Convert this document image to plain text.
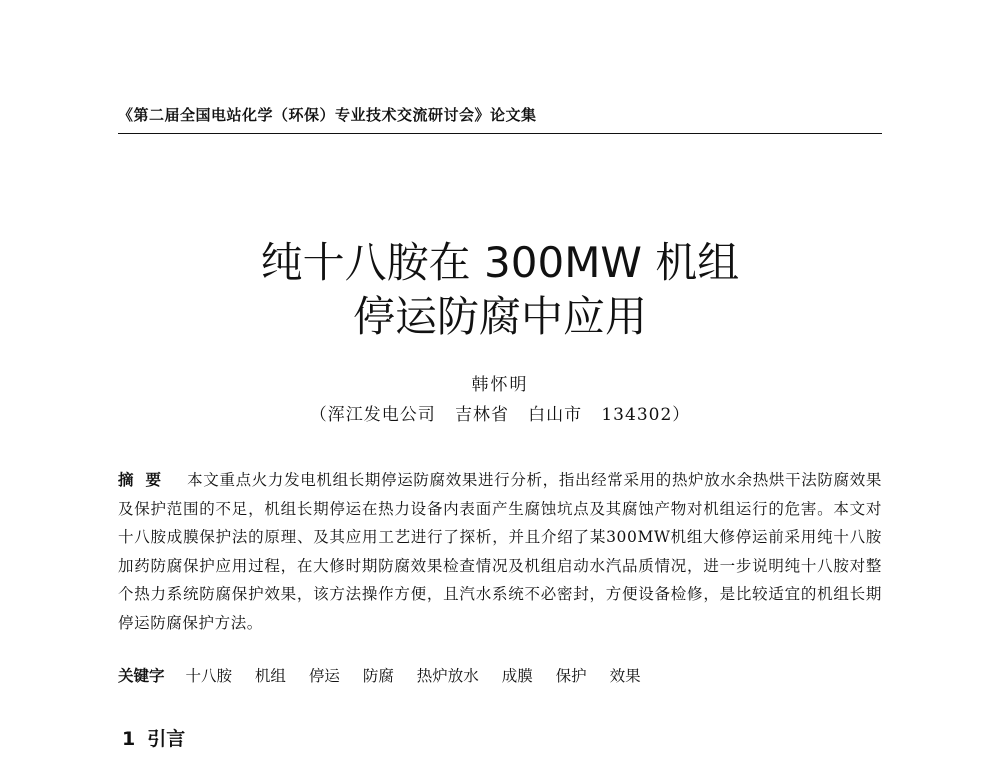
《第二届全国电站化学（环保）专业技术交流研讨会》论文集
纯十八胺在 300MW 机组
停运防腐中应用
韩怀明
（浑江发电公司   吉林省   白山市   134302）
摘要 本文重点火力发电机组长期停运防腐效果进行分析，指出经常采用的热炉放水余热烘干法防腐效果及保护范围的不足，机组长期停运在热力设备内表面产生腐蚀坑点及其腐蚀产物对机组运行的危害。本文对十八胺成膜保护法的原理、及其应用工艺进行了探析，并且介绍了某300MW机组大修停运前采用纯十八胺加药防腐保护应用过程，在大修时期防腐效果检查情况及机组启动水汽品质情况，进一步说明纯十八胺对整个热力系统防腐保护效果，该方法操作方便，且汽水系统不必密封，方便设备检修，是比较适宜的机组长期停运防腐保护方法。
关键字 十八胺 机组 停运 防腐 热炉放水 成膜 保护 效果
1 引言
